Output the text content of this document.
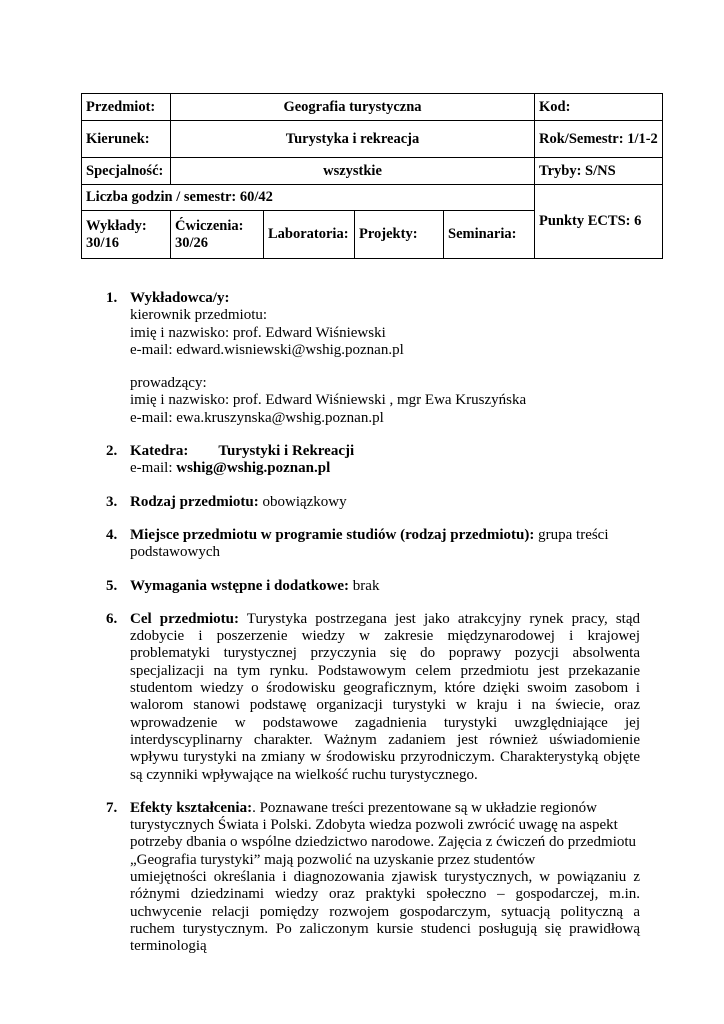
Przedmiot:	Geografia turystyczna				Kod:
Kierunek:	Turystyka i rekreacja				Rok/Semestr: 1/1-2
Specjalność:	wszystkie				Tryby: S/NS
Liczba godzin / semestr: 60/42					Punkty ECTS: 6
Wykłady: 30/16	Ćwiczenia: 30/26	Laboratoria:	Projekty:	Seminaria:	
1. Wykładowca/y:
kierownik przedmiotu:
imię i nazwisko: prof. Edward Wiśniewski
e-mail: edward.wisniewski@wshig.poznan.pl
prowadzący:
imię i nazwisko: prof. Edward Wiśniewski , mgr Ewa Kruszyńska
e-mail: ewa.kruszynska@wshig.poznan.pl
2. Katedra: Turystyki i Rekreacji
e-mail: wshig@wshig.poznan.pl
3. Rodzaj przedmiotu: obowiązkowy
4. Miejsce przedmiotu w programie studiów (rodzaj przedmiotu): grupa treści podstawowych
5. Wymagania wstępne i dodatkowe: brak
6. Cel przedmiotu: Turystyka postrzegana jest jako atrakcyjny rynek pracy, stąd zdobycie i poszerzenie wiedzy w zakresie międzynarodowej i krajowej problematyki turystycznej przyczynia się do poprawy pozycji absolwenta specjalizacji na tym rynku. Podstawowym celem przedmiotu jest przekazanie studentom wiedzy o środowisku geograficznym, które dzięki swoim zasobom i walorom stanowi podstawę organizacji turystyki w kraju i na świecie, oraz wprowadzenie w podstawowe zagadnienia turystyki uwzględniające jej interdyscyplinarny charakter. Ważnym zadaniem jest również uświadomienie wpływu turystyki na zmiany w środowisku przyrodniczym. Charakterystyką objęte są czynniki wpływające na wielkość ruchu turystycznego.
7. Efekty kształcenia:. Poznawane treści prezentowane są w układzie regionów
turystycznych Świata i Polski. Zdobyta wiedza pozwoli zwrócić uwagę na aspekt
potrzeby dbania o wspólne dziedzictwo narodowe. Zajęcia z ćwiczeń do przedmiotu
„Geografia turystyki” mają pozwolić na uzyskanie przez studentów
umiejętności określania i diagnozowania zjawisk turystycznych, w powiązaniu z różnymi dziedzinami wiedzy oraz praktyki społeczno – gospodarczej, m.in. uchwycenie relacji pomiędzy rozwojem gospodarczym, sytuacją polityczną a ruchem turystycznym. Po zaliczonym kursie studenci posługują się prawidłową terminologią
